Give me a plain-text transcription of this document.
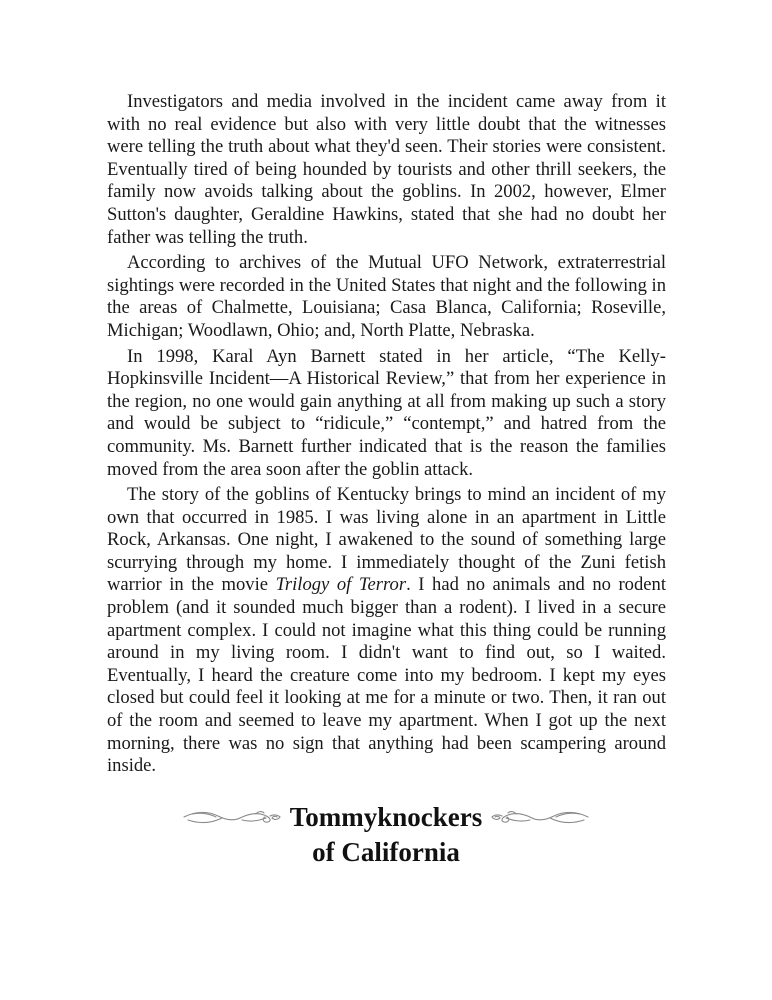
Investigators and media involved in the incident came away from it with no real evidence but also with very little doubt that the witnesses were telling the truth about what they'd seen. Their stories were consistent. Eventually tired of being hounded by tourists and other thrill seekers, the family now avoids talking about the goblins. In 2002, however, Elmer Sutton's daughter, Geraldine Hawkins, stated that she had no doubt her father was telling the truth.

According to archives of the Mutual UFO Network, extraterrestrial sightings were recorded in the United States that night and the following in the areas of Chalmette, Louisiana; Casa Blanca, California; Roseville, Michigan; Woodlawn, Ohio; and, North Platte, Nebraska.

In 1998, Karal Ayn Barnett stated in her article, “The Kelly-Hopkinsville Incident—A Historical Review,” that from her experience in the region, no one would gain anything at all from making up such a story and would be subject to “ridicule,” “contempt,” and hatred from the community. Ms. Barnett further indicated that is the reason the families moved from the area soon after the goblin attack.

The story of the goblins of Kentucky brings to mind an incident of my own that occurred in 1985. I was living alone in an apartment in Little Rock, Arkansas. One night, I awakened to the sound of something large scurrying through my home. I immediately thought of the Zuni fetish warrior in the movie Trilogy of Terror. I had no animals and no rodent problem (and it sounded much bigger than a rodent). I lived in a secure apartment complex. I could not imagine what this thing could be running around in my living room. I didn't want to find out, so I waited. Eventually, I heard the creature come into my bedroom. I kept my eyes closed but could feel it looking at me for a minute or two. Then, it ran out of the room and seemed to leave my apartment. When I got up the next morning, there was no sign that anything had been scampering around inside.

Tommyknockers
of California
